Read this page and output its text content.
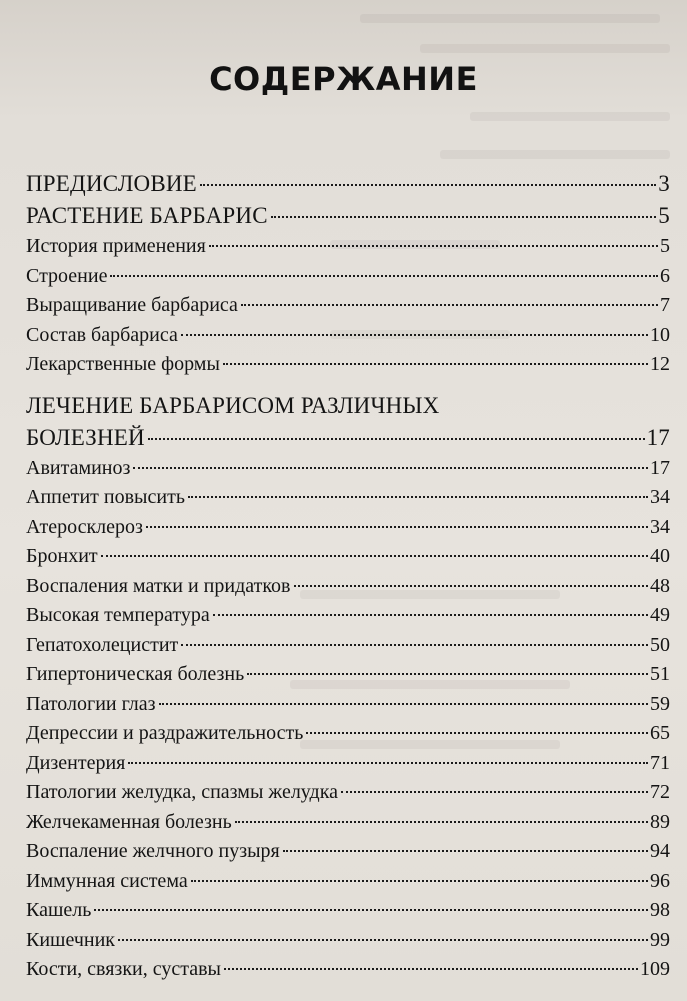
СОДЕРЖАНИЕ
ПРЕДИСЛОВИЕ	3
РАСТЕНИЕ БАРБАРИС	5
История применения	5
Строение	6
Выращивание барбариса	7
Состав барбариса	10
Лекарственные формы	12
ЛЕЧЕНИЕ БАРБАРИСОМ РАЗЛИЧНЫХ
БОЛЕЗНЕЙ	17
Авитаминоз	17
Аппетит повысить	34
Атеросклероз	34
Бронхит	40
Воспаления матки и придатков	48
Высокая температура	49
Гепатохолецистит	50
Гипертоническая болезнь	51
Патологии глаз	59
Депрессии и раздражительность	65
Дизентерия	71
Патологии желудка, спазмы желудка	72
Желчекаменная болезнь	89
Воспаление желчного пузыря	94
Иммунная система	96
Кашель	98
Кишечник	99
Кости, связки, суставы	109
